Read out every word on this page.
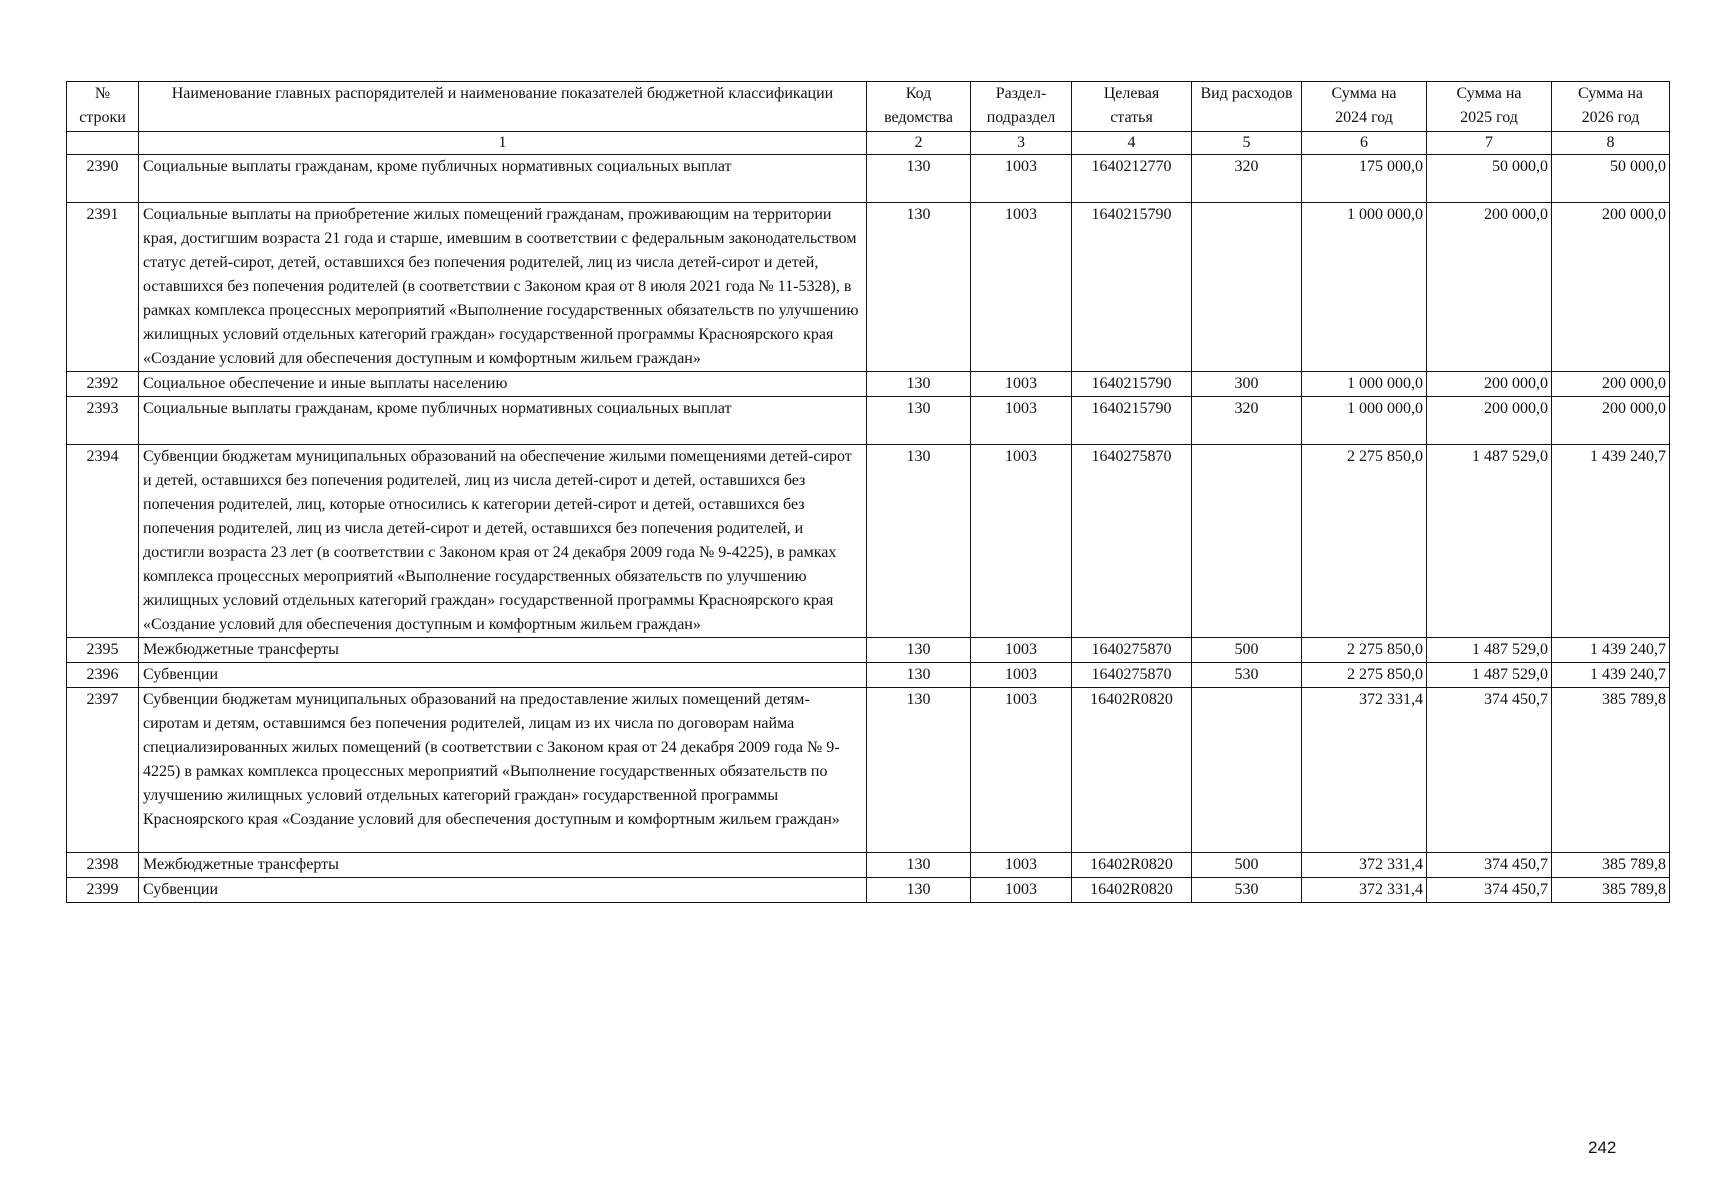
№ строки	Наименование главных распорядителей и наименование показателей бюджетной классификации	Код ведомства	Раздел-подраздел	Целевая статья	Вид расходов	Сумма на 2024 год	Сумма на 2025 год	Сумма на 2026 год
	1	2	3	4	5	6	7	8
2390	Социальные выплаты гражданам, кроме публичных нормативных социальных выплат	130	1003	1640212770	320	175 000,0	50 000,0	50 000,0
2391	Социальные выплаты на приобретение жилых помещений гражданам, проживающим на территории края, достигшим возраста 21 года и старше, имевшим в соответствии с федеральным законодательством статус детей-сирот, детей, оставшихся без попечения родителей, лиц из числа детей-сирот и детей, оставшихся без попечения родителей (в соответствии с Законом края от 8 июля 2021 года № 11-5328), в рамках комплекса процессных мероприятий «Выполнение государственных обязательств по улучшению жилищных условий отдельных категорий граждан» государственной программы Красноярского края «Создание условий для обеспечения доступным и комфортным жильем граждан»	130	1003	1640215790		1 000 000,0	200 000,0	200 000,0
2392	Социальное обеспечение и иные выплаты населению	130	1003	1640215790	300	1 000 000,0	200 000,0	200 000,0
2393	Социальные выплаты гражданам, кроме публичных нормативных социальных выплат	130	1003	1640215790	320	1 000 000,0	200 000,0	200 000,0
2394	Субвенции бюджетам муниципальных образований на обеспечение жилыми помещениями детей-сирот и детей, оставшихся без попечения родителей, лиц из числа детей-сирот и детей, оставшихся без попечения родителей, лиц, которые относились к категории детей-сирот и детей, оставшихся без попечения родителей, лиц из числа детей-сирот и детей, оставшихся без попечения родителей, и достигли возраста 23 лет (в соответствии с Законом края от 24 декабря 2009 года № 9-4225), в рамках комплекса процессных мероприятий «Выполнение государственных обязательств по улучшению жилищных условий отдельных категорий граждан» государственной программы Красноярского края «Создание условий для обеспечения доступным и комфортным жильем граждан»	130	1003	1640275870		2 275 850,0	1 487 529,0	1 439 240,7
2395	Межбюджетные трансферты	130	1003	1640275870	500	2 275 850,0	1 487 529,0	1 439 240,7
2396	Субвенции	130	1003	1640275870	530	2 275 850,0	1 487 529,0	1 439 240,7
2397	Субвенции бюджетам муниципальных образований на предоставление жилых помещений детям-сиротам и детям, оставшимся без попечения родителей, лицам из их числа по договорам найма специализированных жилых помещений (в соответствии с Законом края от 24 декабря 2009 года № 9-4225) в рамках комплекса процессных мероприятий «Выполнение государственных обязательств по улучшению жилищных условий отдельных категорий граждан» государственной программы Красноярского края «Создание условий для обеспечения доступным и комфортным жильем граждан»	130	1003	16402R0820		372 331,4	374 450,7	385 789,8
2398	Межбюджетные трансферты	130	1003	16402R0820	500	372 331,4	374 450,7	385 789,8
2399	Субвенции	130	1003	16402R0820	530	372 331,4	374 450,7	385 789,8
242
